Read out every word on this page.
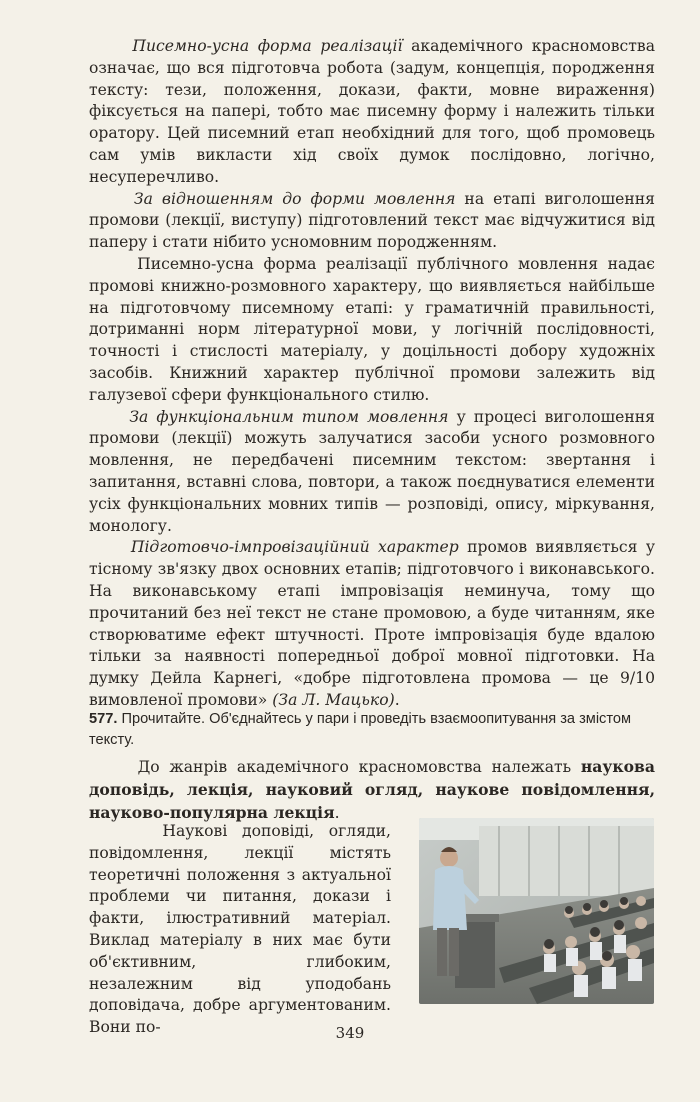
Писемно-усна форма реалізації академічного красномовства означає, що вся підготовча робота (задум, концепція, породження тексту: тези, положення, докази, факти, мовне вираження) фіксується на папері, тобто має писемну форму і належить тільки оратору. Цей писемний етап необхідний для того, щоб промовець сам умів викласти хід своїх думок послідовно, логічно, несуперечливо.

За відношенням до форми мовлення на етапі виголошення промови (лекції, виступу) підготовлений текст має відчужитися від паперу і стати нібито усномовним породженням.

Писемно-усна форма реалізації публічного мовлення надає промові книжно-розмовного характеру, що виявляється найбільше на підготовчому писемному етапі: у граматичній правильності, дотриманні норм літературної мови, у логічній послідовності, точності і стислості матеріалу, у доцільності добору художніх засобів. Книжний характер публічної промови залежить від галузевої сфери функціонального стилю.

За функціональним типом мовлення у процесі виголошення промови (лекції) можуть залучатися засоби усного розмовного мовлення, не передбачені писемним текстом: звертання і запитання, вставні слова, повтори, а також поєднуватися елементи усіх функціональних мовних типів — розповіді, опису, міркування, монологу.

Підготовчо-імпровізаційний характер промов виявляється у тісному зв'язку двох основних етапів; підготовчого і виконавського. На виконавському етапі імпровізація неминуча, тому що прочитаний без неї текст не стане промовою, а буде читанням, яке створюватиме ефект штучності. Проте імпровізація буде вдалою тільки за наявності попередньої доброї мовної підготовки. На думку Дейла Карнегі, «добре підготовлена промова — це 9/10 вимовленої промови» (За Л. Мацько).

577. Прочитайте. Об'єднайтесь у пари і проведіть взаємоопитування за змістом тексту.

До жанрів академічного красномовства належать наукова доповідь, лекція, науковий огляд, наукове повідомлення, науково-популярна лекція.

Наукові доповіді, огляди, повідомлення, лекції містять теоретичні положення з актуальної проблеми чи питання, докази і факти, ілюстративний матеріал. Виклад матеріалу в них має бути об'єктивним, глибоким, незалежним від уподобань доповідача, добре аргументованим. Вони по-	349
